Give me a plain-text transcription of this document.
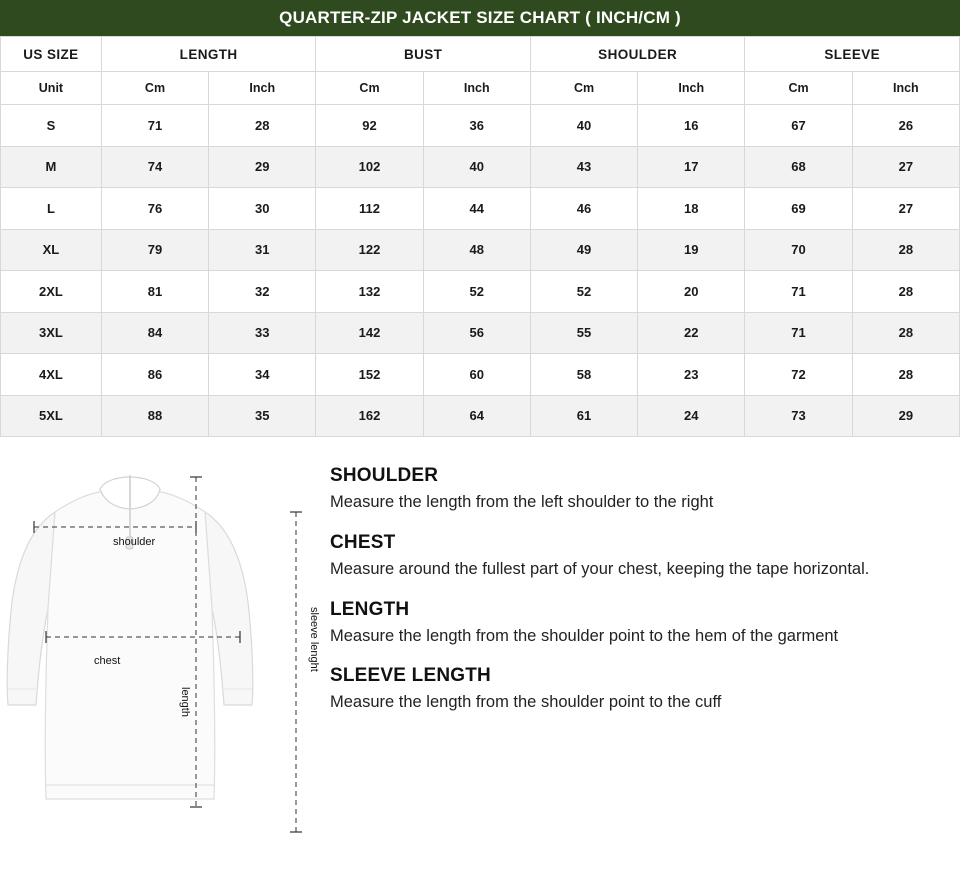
QUARTER-ZIP JACKET SIZE CHART ( INCH/CM )
US SIZE	LENGTH		BUST		SHOULDER		SLEEVE	
Unit	Cm	Inch	Cm	Inch	Cm	Inch	Cm	Inch
S	71	28	92	36	40	16	67	26
M	74	29	102	40	43	17	68	27
L	76	30	112	44	46	18	69	27
XL	79	31	122	48	49	19	70	28
2XL	81	32	132	52	52	20	71	28
3XL	84	33	142	56	55	22	71	28
4XL	86	34	152	60	58	23	72	28
5XL	88	35	162	64	61	24	73	29
shoulder
chest
length
sleeve lenght

SHOULDER

Measure the length from the left shoulder to the right

CHEST

Measure around the fullest part of your chest, keeping the tape horizontal.

LENGTH

Measure the length from the shoulder point to the hem of the garment

SLEEVE LENGTH

Measure the length from the shoulder point to the cuff
